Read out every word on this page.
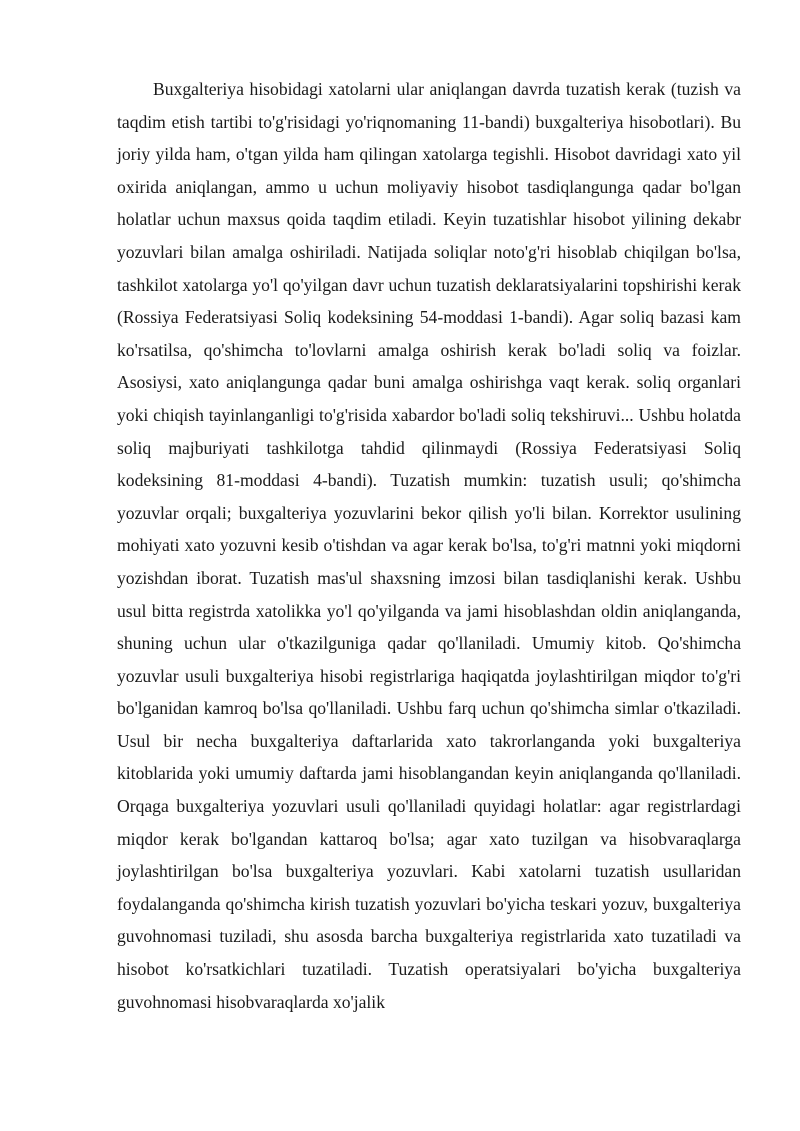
Buxgalteriya hisobidagi xatolarni ular aniqlangan davrda tuzatish kerak (tuzish va taqdim etish tartibi to'g'risidagi yo'riqnomaning 11-bandi) buxgalteriya hisobotlari). Bu joriy yilda ham, o'tgan yilda ham qilingan xatolarga tegishli. Hisobot davridagi xato yil oxirida aniqlangan, ammo u uchun moliyaviy hisobot tasdiqlangunga qadar bo'lgan holatlar uchun maxsus qoida taqdim etiladi. Keyin tuzatishlar hisobot yilining dekabr yozuvlari bilan amalga oshiriladi. Natijada soliqlar noto'g'ri hisoblab chiqilgan bo'lsa, tashkilot xatolarga yo'l qo'yilgan davr uchun tuzatish deklaratsiyalarini topshirishi kerak (Rossiya Federatsiyasi Soliq kodeksining 54-moddasi 1-bandi). Agar soliq bazasi kam ko'rsatilsa, qo'shimcha to'lovlarni amalga oshirish kerak bo'ladi soliq va foizlar. Asosiysi, xato aniqlangunga qadar buni amalga oshirishga vaqt kerak. soliq organlari yoki chiqish tayinlanganligi to'g'risida xabardor bo'ladi soliq tekshiruvi... Ushbu holatda soliq majburiyati tashkilotga tahdid qilinmaydi (Rossiya Federatsiyasi Soliq kodeksining 81-moddasi 4-bandi). Tuzatish mumkin: tuzatish usuli; qo'shimcha yozuvlar orqali; buxgalteriya yozuvlarini bekor qilish yo'li bilan. Korrektor usulining mohiyati xato yozuvni kesib o'tishdan va agar kerak bo'lsa, to'g'ri matnni yoki miqdorni yozishdan iborat. Tuzatish mas'ul shaxsning imzosi bilan tasdiqlanishi kerak. Ushbu usul bitta registrda xatolikka yo'l qo'yilganda va jami hisoblashdan oldin aniqlanganda, shuning uchun ular o'tkazilguniga qadar qo'llaniladi. Umumiy kitob. Qo'shimcha yozuvlar usuli buxgalteriya hisobi registrlariga haqiqatda joylashtirilgan miqdor to'g'ri bo'lganidan kamroq bo'lsa qo'llaniladi. Ushbu farq uchun qo'shimcha simlar o'tkaziladi. Usul bir necha buxgalteriya daftarlarida xato takrorlanganda yoki buxgalteriya kitoblarida yoki umumiy daftarda jami hisoblangandan keyin aniqlanganda qo'llaniladi. Orqaga buxgalteriya yozuvlari usuli qo'llaniladi quyidagi holatlar: agar registrlardagi miqdor kerak bo'lgandan kattaroq bo'lsa; agar xato tuzilgan va hisobvaraqlarga joylashtirilgan bo'lsa buxgalteriya yozuvlari. Kabi xatolarni tuzatish usullaridan foydalanganda qo'shimcha kirish tuzatish yozuvlari bo'yicha teskari yozuv, buxgalteriya guvohnomasi tuziladi, shu asosda barcha buxgalteriya registrlarida xato tuzatiladi va hisobot ko'rsatkichlari tuzatiladi. Tuzatish operatsiyalari bo'yicha buxgalteriya guvohnomasi hisobvaraqlarda xo'jalik
